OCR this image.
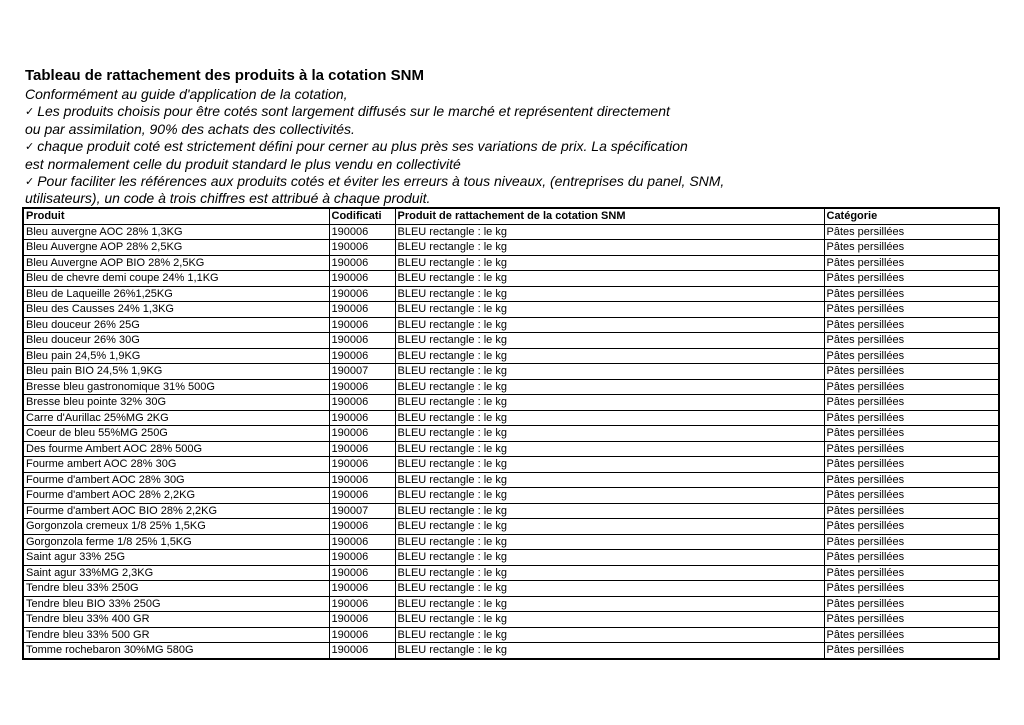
Tableau de rattachement des produits à la cotation SNM
Conformément au guide d'application de la cotation,
✓ Les produits choisis pour être cotés sont largement diffusés sur le marché et représentent directement
ou par assimilation, 90% des achats des collectivités.
✓ chaque produit coté est strictement défini pour cerner au plus près ses variations de prix. La spécification
est normalement celle du produit standard le plus vendu en collectivité
✓ Pour faciliter les références aux produits cotés et éviter les erreurs à tous niveaux, (entreprises du panel, SNM,
utilisateurs), un code à trois chiffres est attribué à chaque produit.
Produit	Codificati	Produit de rattachement de la cotation SNM	Catégorie
Bleu auvergne AOC 28% 1,3KG	190006	BLEU rectangle : le kg	Pâtes persillées
Bleu Auvergne AOP 28% 2,5KG	190006	BLEU rectangle : le kg	Pâtes persillées
Bleu Auvergne AOP BIO 28% 2,5KG	190006	BLEU rectangle : le kg	Pâtes persillées
Bleu de chevre demi coupe 24% 1,1KG	190006	BLEU rectangle : le kg	Pâtes persillées
Bleu de Laqueille 26%1,25KG	190006	BLEU rectangle : le kg	Pâtes persillées
Bleu des Causses 24% 1,3KG	190006	BLEU rectangle : le kg	Pâtes persillées
Bleu douceur 26% 25G	190006	BLEU rectangle : le kg	Pâtes persillées
Bleu douceur 26% 30G	190006	BLEU rectangle : le kg	Pâtes persillées
Bleu pain 24,5% 1,9KG	190006	BLEU rectangle : le kg	Pâtes persillées
Bleu pain BIO 24,5% 1,9KG	190007	BLEU rectangle : le kg	Pâtes persillées
Bresse bleu gastronomique 31% 500G	190006	BLEU rectangle : le kg	Pâtes persillées
Bresse bleu pointe 32% 30G	190006	BLEU rectangle : le kg	Pâtes persillées
Carre d'Aurillac 25%MG 2KG	190006	BLEU rectangle : le kg	Pâtes persillées
Coeur de bleu 55%MG 250G	190006	BLEU rectangle : le kg	Pâtes persillées
Des fourme Ambert AOC 28% 500G	190006	BLEU rectangle : le kg	Pâtes persillées
Fourme ambert AOC 28% 30G	190006	BLEU rectangle : le kg	Pâtes persillées
Fourme d'ambert AOC 28% 30G	190006	BLEU rectangle : le kg	Pâtes persillées
Fourme d'ambert AOC 28% 2,2KG	190006	BLEU rectangle : le kg	Pâtes persillées
Fourme d'ambert AOC BIO 28% 2,2KG	190007	BLEU rectangle : le kg	Pâtes persillées
Gorgonzola cremeux 1/8 25% 1,5KG	190006	BLEU rectangle : le kg	Pâtes persillées
Gorgonzola ferme 1/8 25% 1,5KG	190006	BLEU rectangle : le kg	Pâtes persillées
Saint agur 33% 25G	190006	BLEU rectangle : le kg	Pâtes persillées
Saint agur 33%MG 2,3KG	190006	BLEU rectangle : le kg	Pâtes persillées
Tendre bleu 33% 250G	190006	BLEU rectangle : le kg	Pâtes persillées
Tendre bleu BIO 33% 250G	190006	BLEU rectangle : le kg	Pâtes persillées
Tendre bleu 33% 400 GR	190006	BLEU rectangle : le kg	Pâtes persillées
Tendre bleu 33% 500 GR	190006	BLEU rectangle : le kg	Pâtes persillées
Tomme rochebaron 30%MG 580G	190006	BLEU rectangle : le kg	Pâtes persillées
